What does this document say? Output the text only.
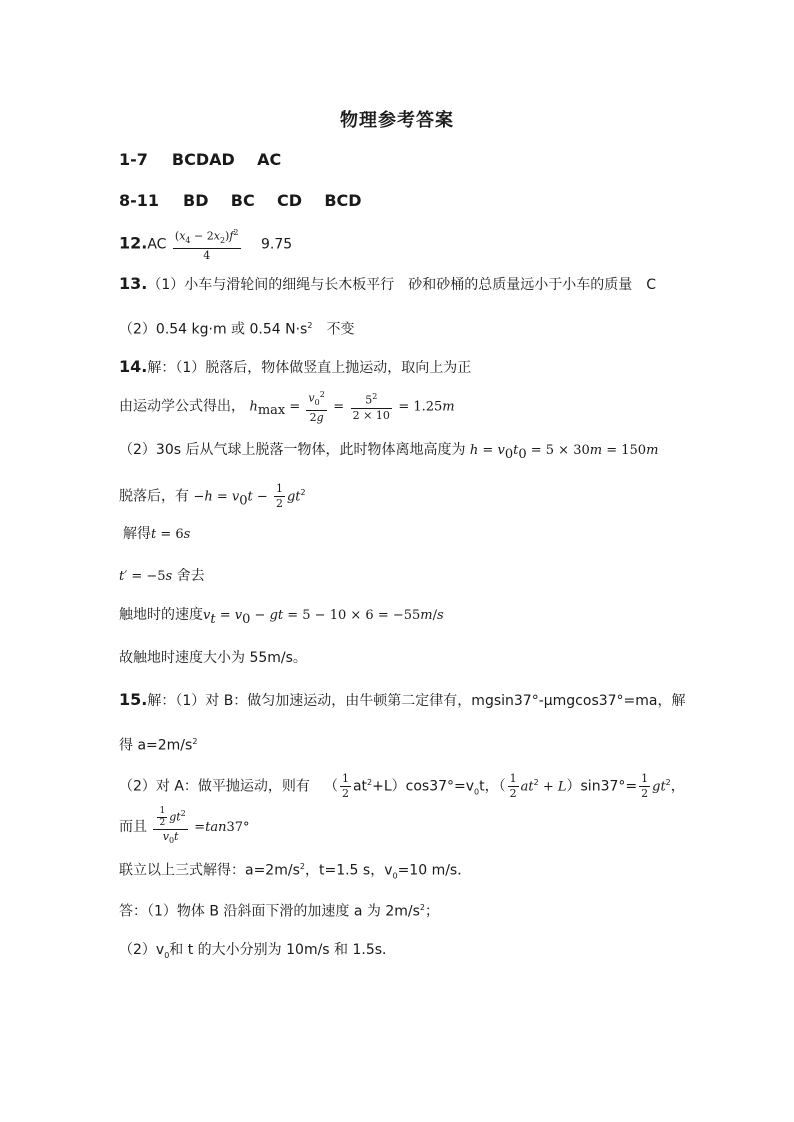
物理参考答案
1-7 BCDAD    AC
8-11 BD    BC    CD    BCD
$12.AC \frac{(x_4 - 2x_2)f^2}{4} 9.75$
13.（1）小车与滑轮间的细绳与长木板平行 砂和砂桶的总质量远小于小车的质量 C
（2）0.54 kg·m 或 0.54 $N\cdot s^2$ 不变
14.解：（1）脱落后，物体做竖直上抛运动，取向上为正
由运动学公式得出， $h_{max} = \frac{v_0^2}{2g} = \frac{5^2}{2 \times 10} = 1.25m$
（2）30s 后从气球上脱落一物体，此时物体离地高度为 $h = v_0t_0 = 5 \times 30m = 150m$
脱落后，有 $-h = v_0t - \frac{1}{2} gt^2$
解得t = 6s
t′ = −5s 舍去
触地时的速度$v_t = v_0$ − gt = 5 − 10 × 6 = −55m/s
故触地时速度大小为 55m/s。
15.解：（1）对 B：做匀加速运动，由牛顿第二定律有，mgsin37°-μmgcos37°=ma，解
得 $a=2m/s^2$
（2）对 A：做平抛运动，则有 （ $\frac{1}{2} at^2+L)\cos 37^\circ=v_0t$，（ $\frac{1}{2} at^2 + L)\sin 37^\circ= \frac{1}{2} gt^2$，
而且 $\frac{\frac{1}{2} gt^2}{v_0t} =\tan 37^\circ$
联立以上三式解得：$a=2m/s^2$，t=1.5 s，$v_0=10$ m/s．
答：（1）物体 B 沿斜面下滑的加速度 a 为 $2m/s^2$；
$(2)v_0$和 t 的大小分别为 10m/s 和 1.5s．
